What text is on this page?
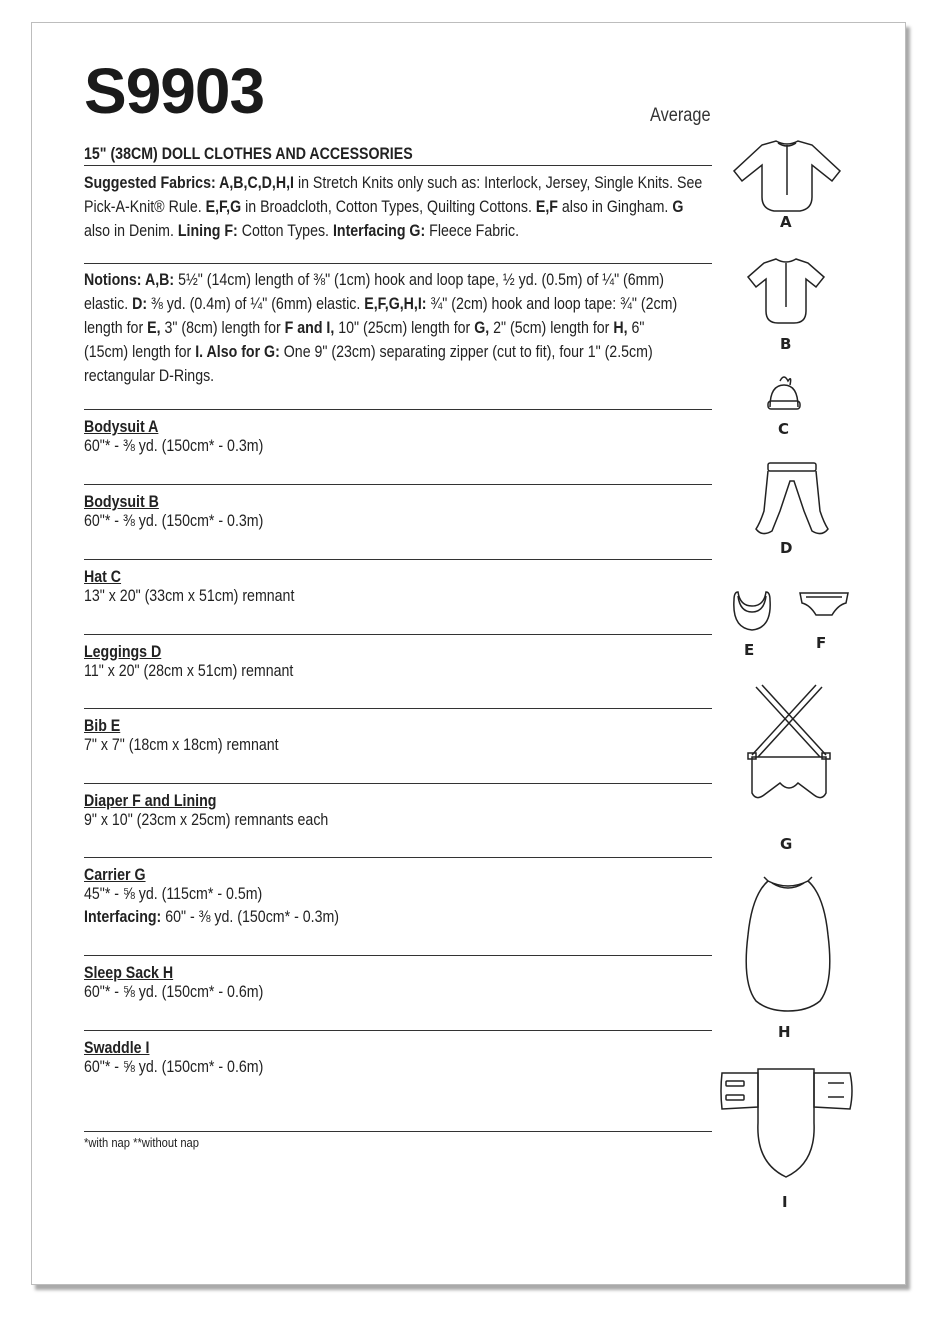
S9903	Average
15" (38CM) DOLL CLOTHES AND ACCESSORIES
Suggested Fabrics: A,B,C,D,H,I in Stretch Knits only such as: Interlock, Jersey, Single Knits. See
Pick-A-Knit® Rule. E,F,G in Broadcloth, Cotton Types, Quilting Cottons. E,F also in Gingham. G
also in Denim. Lining F: Cotton Types. Interfacing G: Fleece Fabric.
Notions: A,B: 5½" (14cm) length of ⅜" (1cm) hook and loop tape, ½ yd. (0.5m) of ¼" (6mm)
elastic. D: ⅜ yd. (0.4m) of ¼" (6mm) elastic. E,F,G,H,I: ¾" (2cm) hook and loop tape: ¾" (2cm)
length for E, 3" (8cm) length for F and I, 10" (25cm) length for G, 2" (5cm) length for H, 6"
(15cm) length for I. Also for G: One 9" (23cm) separating zipper (cut to fit), four 1" (2.5cm)
rectangular D-Rings.
Bodysuit A
60"* - ⅜ yd. (150cm* - 0.3m)
Bodysuit B
60"* - ⅜ yd. (150cm* - 0.3m)
Hat C
13" x 20" (33cm x 51cm) remnant
Leggings D
11" x 20" (28cm x 51cm) remnant
Bib E
7" x 7" (18cm x 18cm) remnant
Diaper F and Lining
9" x 10" (23cm x 25cm) remnants each
Carrier G
45"* - ⅝ yd. (115cm* - 0.5m)
Interfacing: 60" - ⅜ yd. (150cm* - 0.3m)
Sleep Sack H
60"* - ⅝ yd. (150cm* - 0.6m)
Swaddle I
60"* - ⅝ yd. (150cm* - 0.6m)
*with nap **without nap
A
B
C
D
E	F
G
H
I
